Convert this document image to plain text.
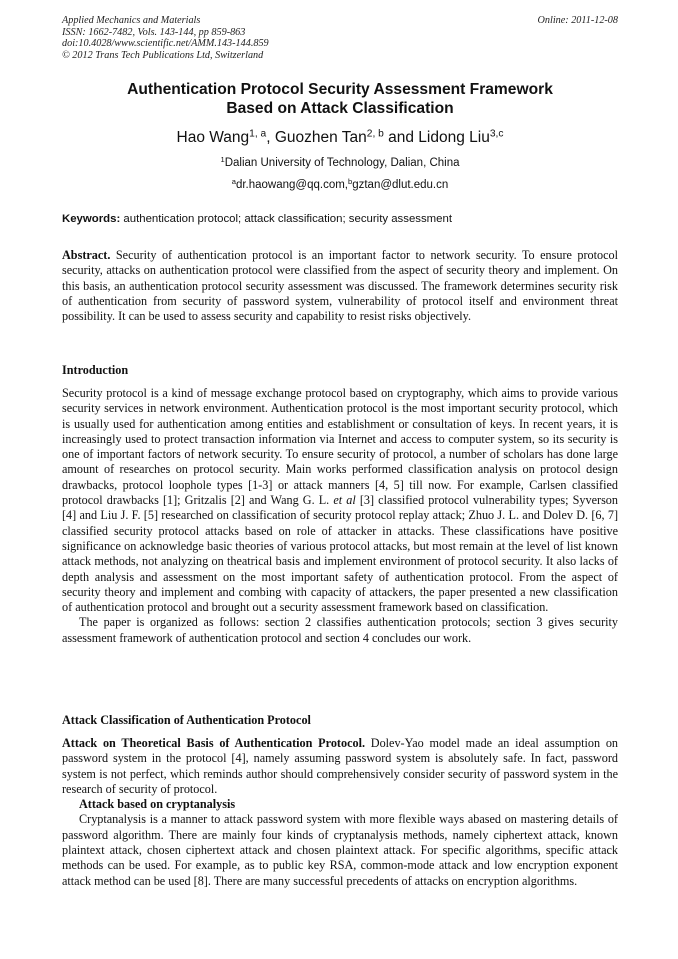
Applied Mechanics and Materials
ISSN: 1662-7482, Vols. 143-144, pp 859-863
doi:10.4028/www.scientific.net/AMM.143-144.859
© 2012 Trans Tech Publications Ltd, Switzerland
Online: 2011-12-08
Authentication Protocol Security Assessment Framework
Based on Attack Classification
Hao Wang$^{1, a}$, Guozhen Tan$^{2, b}$ and Lidong Liu$^{3,c}$
$^1$Dalian University of Technology, Dalian, China
$^a$dr.haowang@qq.com,$^b$gztan@dlut.edu.cn
Keywords: authentication protocol; attack classification; security assessment

Abstract. Security of authentication protocol is an important factor to network security. To ensure protocol security, attacks on authentication protocol were classified from the aspect of security theory and implement. On this basis, an authentication protocol security assessment was discussed. The framework determines security risk of authentication from security of password system, vulnerability of protocol itself and environment threat possibility. It can be used to assess security and capability to resist risks objectively.

Introduction

Security protocol is a kind of message exchange protocol based on cryptography, which aims to provide various security services in network environment. Authentication protocol is the most important security protocol, which is usually used for authentication among entities and establishment or consultation of keys. In recent years, it is increasingly used to protect transaction information via Internet and access to computer system, so its security is one of important factors of network security. To ensure security of protocol, a number of scholars has done large amount of researches on protocol security. Main works performed classification analysis on protocol design drawbacks, protocol loophole types [1-3] or attack manners [4, 5] till now. For example, Carlsen classified protocol drawbacks [1]; Gritzalis [2] and Wang G. L. et al [3] classified protocol vulnerability types; Syverson [4] and Liu J. F. [5] researched on classification of security protocol replay attack; Zhuo J. L. and Dolev D. [6, 7] classified security protocol attacks based on role of attacker in attacks. These classifications have positive significance on acknowledge basic theories of various protocol attacks, but most remain at the level of list known attack methods, not analyzing on theatrical basis and implement environment of protocol security. It also lacks of depth analysis and assessment on the most important safety of authentication protocol. From the aspect of security theory and implement and combing with capacity of attackers, the paper presented a new classification of authentication protocol and brought out a security assessment framework based on classification.

The paper is organized as follows: section 2 classifies authentication protocols; section 3 gives security assessment framework of authentication protocol and section 4 concludes our work.

Attack Classification of Authentication Protocol

Attack on Theoretical Basis of Authentication Protocol. Dolev-Yao model made an ideal assumption on password system in the protocol [4], namely assuming password system is absolutely safe. In fact, password system is not perfect, which reminds author should comprehensively consider security of password system in the research of security of protocol.

Attack based on cryptanalysis

Cryptanalysis is a manner to attack password system with more flexible ways abased on mastering details of password algorithm. There are mainly four kinds of cryptanalysis methods, namely ciphertext attack, known plaintext attack, chosen ciphertext attack and chosen plaintext attack. For specific algorithms, specific attack methods can be used. For example, as to public key RSA, common-mode attack and low encryption exponent attack method can be used [8]. There are many successful precedents of attacks on encryption algorithms.
